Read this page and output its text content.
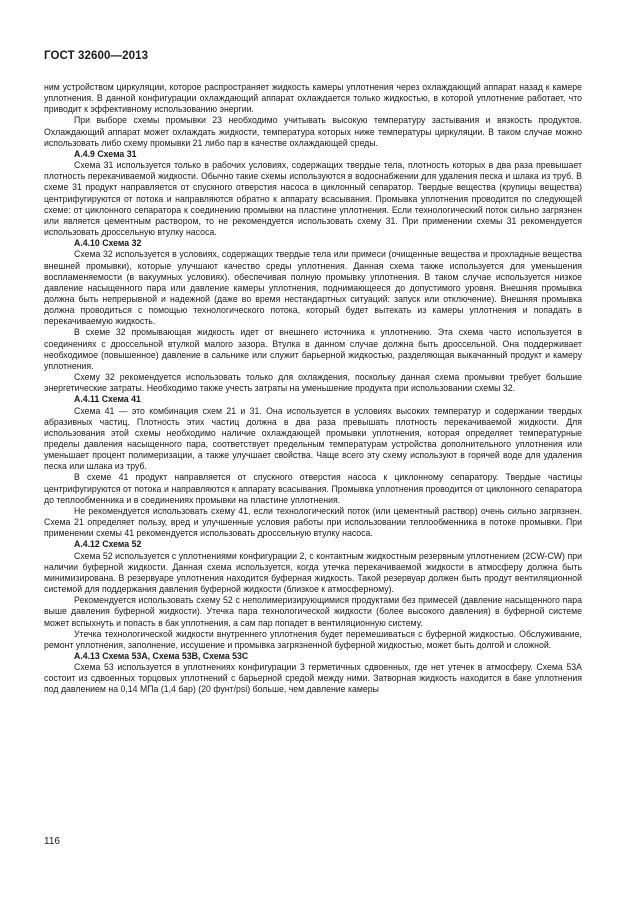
ГОСТ 32600—2013

ним устройством циркуляции, которое распространяет жидкость камеры уплотнения через охлаждающий аппарат назад к камере уплотнения. В данной конфигурации охлаждающий аппарат охлаждается только жидкостью, в которой уплотнение работает, что приводит к эффективному использованию энергии.

При выборе схемы промывки 23 необходимо учитывать высокую температуру застывания и вязкость продуктов. Охлаждающий аппарат может охлаждать жидкости, температура которых ниже температуры циркуляции. В таком случае можно использовать либо схему промывки 21 либо пар в качестве охлаждающей среды.

А.4.9 Схема 31

Схема 31 используется только в рабочих условиях, содержащих твердые тела, плотность которых в два раза превышает плотность перекачиваемой жидкости. Обычно такие схемы используются в водоснабжении для удаления песка и шлака из труб. В схеме 31 продукт направляется от спускного отверстия насоса в циклонный сепаратор. Твердые вещества (крупицы вещества) центрифугируются от потока и направляются обратно к аппарату всасывания. Промывка уплотнения проводится по следующей схеме: от циклонного сепаратора к соединению промывки на пластине уплотнения. Если технологический поток сильно загрязнен или является цементным раствором, то не рекомендуется использовать схему 31. При применении схемы 31 рекомендуется использовать дроссельную втулку насоса.

А.4.10 Схема 32

Схема 32 используется в условиях, содержащих твердые тела или примеси (очищенные вещества и прохладные вещества внешней промывки), которые улучшают качество среды уплотнения. Данная схема также используется для уменьшения воспламеняемости (в вакуумных условиях). обеспечивая полную промывку уплотнения. В таком случае используется низкое давление насыщенного пара или давление камеры уплотнения, поднимающееся до допустимого уровня. Внешняя промывка должна быть непрерывной и надежной (даже во время нестандартных ситуаций: запуск или отключение). Внешняя промывка должна проводиться с помощью технологического потока, который будет вытекать из камеры уплотнения и попадать в перекачиваемую жидкость.

В схеме 32 промывающая жидкость идет от внешнего источника к уплотнению. Эта схема часто используется в соединениях с дроссельной втулкой малого зазора. Втулка в данном случае должна быть дроссельной. Она поддерживает необходимое (повышенное) давление в сальнике или служит барьерной жидкостью, разделяющая выкачанный продукт и камеру уплотнения.

Схему 32 рекомендуется использовать только для охлаждения, поскольку данная схема промывки требует большие энергетические затраты. Необходимо также учесть затраты на уменьшение продукта при использовании схемы 32.

А.4.11 Схема 41

Схема 41 — это комбинация схем 21 и 31. Она используется в условиях высоких температур и содержании твердых абразивных частиц. Плотность этих частиц должна в два раза превышать плотность перекачиваемой жидкости. Для использования этой схемы необходимо наличие охлаждающей промывки уплотнения, которая определяет температурные пределы давления насыщенного пара, соответствует предельным температурам устройства дополнительного уплотнения или уменьшает процент полимеризации, а также улучшает свойства. Чаще всего эту схему используют в горячей воде для удаления песка или шлака из труб.

В схеме 41 продукт направляется от спускного отверстия насоса к циклонному сепаратору. Твердые частицы центрифугируются от потока и направляются к аппарату всасывания. Промывка уплотнения проводится от циклонного сепаратора до теплообменника и в соединениях промывки на пластине уплотнения.

Не рекомендуется использовать схему 41, если технологический поток (или цементный раствор) очень сильно загрязнен. Схема 21 определяет пользу, вред и улучшенные условия работы при использовании теплообменника в потоке промывки. При применении схемы 41 рекомендуется использовать дроссельную втулку насоса.

А.4.12 Схема 52

Схема 52 используется с уплотнениями конфигурации 2, с контактным жидкостным резервным уплотнением (2CW-CW) при наличии буферной жидкости. Данная схема используется, когда утечка перекачиваемой жидкости в атмосферу должна быть минимизирована. В резервуаре уплотнения находится буферная жидкость. Такой резервуар должен быть продут вентиляционной системой для поддержания давления буферной жидкости (близкое к атмосферному).

Рекомендуется использовать схему 52 с неполимеризирующимися продуктами без примесей (давление насыщенного пара выше давления буферной жидкости). Утечка пара технологической жидкости (более высокого давления) в буферной системе может вспыхнуть и попасть в бак уплотнения, а сам пар попадет в вентиляционную систему.

Утечка технологической жидкости внутреннего уплотнения будет перемешиваться с буферной жидкостью. Обслуживание, ремонт уплотнения, заполнение, иссушение и промывка загрязненной буферной жидкостью, может быть долгой и сложной.

А.4.13 Схема 53А, Схема 53В, Схема 53С

Схема 53 используется в уплотнениях конфигурации 3 герметичных сдвоенных, где нет утечек в атмосферу. Схема 53А состоит из сдвоенных торцовых уплотнений с барьерной средой между ними. Затворная жидкость находится в баке уплотнения под давлением на 0,14 МПа (1,4 бар) (20 фунт/psi) больше, чем давление камеры

116
